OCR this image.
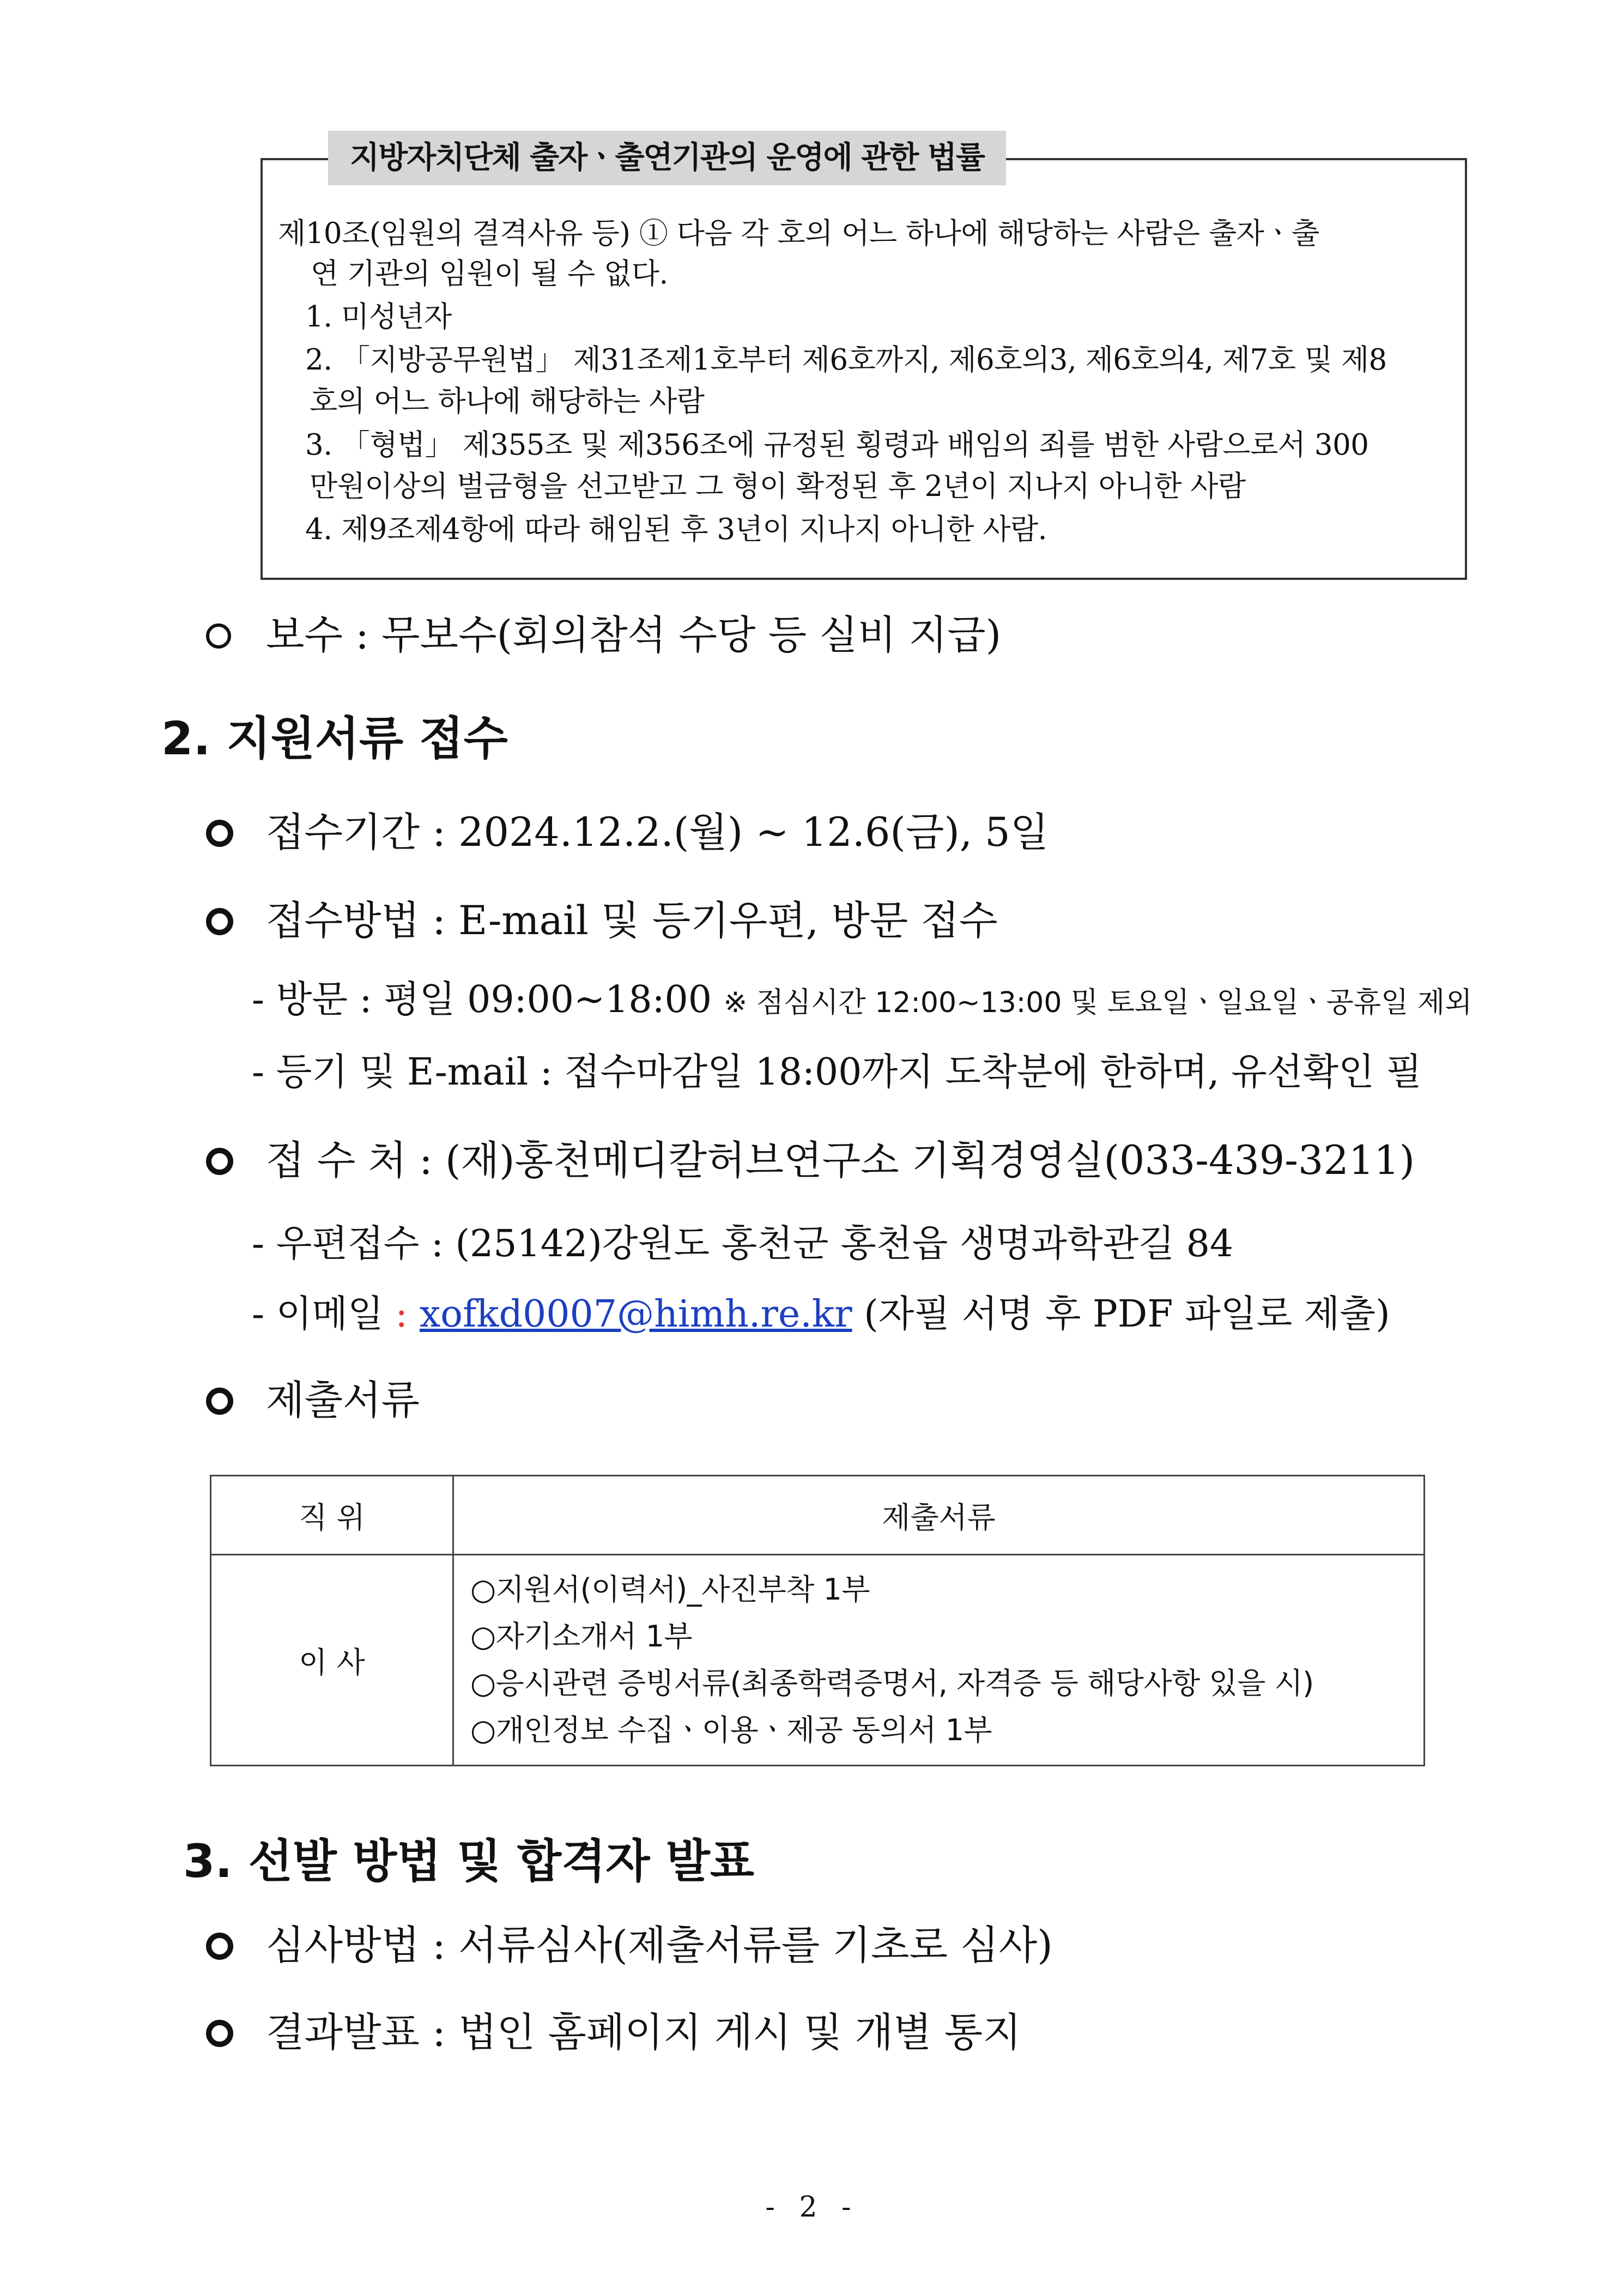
지방자치단체 출자ㆍ출연기관의 운영에 관한 법률
제10조(임원의 결격사유 등) ① 다음 각 호의 어느 하나에 해당하는 사람은 출자ㆍ출
연 기관의 임원이 될 수 없다.
1. 미성년자
2. 「지방공무원법」 제31조제1호부터 제6호까지, 제6호의3, 제6호의4, 제7호 및 제8
호의 어느 하나에 해당하는 사람
3. 「형법」 제355조 및 제356조에 규정된 횡령과 배임의 죄를 범한 사람으로서 300
만원이상의 벌금형을 선고받고 그 형이 확정된 후 2년이 지나지 아니한 사람
4. 제9조제4항에 따라 해임된 후 3년이 지나지 아니한 사람.
보수 : 무보수(회의참석 수당 등 실비 지급)
2. 지원서류 접수
접수기간 : 2024.12.2.(월) ~ 12.6(금), 5일
접수방법 : E-mail 및 등기우편, 방문 접수
- 방문 : 평일 09:00~18:00 ※ 점심시간 12:00~13:00 및 토요일ㆍ일요일ㆍ공휴일 제외
- 등기 및 E-mail : 접수마감일 18:00까지 도착분에 한하며, 유선확인 필
접 수 처 : (재)홍천메디칼허브연구소 기획경영실(033-439-3211)
- 우편접수 : (25142)강원도 홍천군 홍천읍 생명과학관길 84
- 이메일 : xofkd0007@himh.re.kr (자필 서명 후 PDF 파일로 제출)
제출서류
직 위	제출서류
이 사	○지원서(이력서)_사진부착 1부
○자기소개서 1부
○응시관련 증빙서류(최종학력증명서, 자격증 등 해당사항 있을 시)
○개인정보 수집ㆍ이용ㆍ제공 동의서 1부
3. 선발 방법 및 합격자 발표
심사방법 : 서류심사(제출서류를 기초로 심사)
결과발표 : 법인 홈페이지 게시 및 개별 통지
- 2 -
